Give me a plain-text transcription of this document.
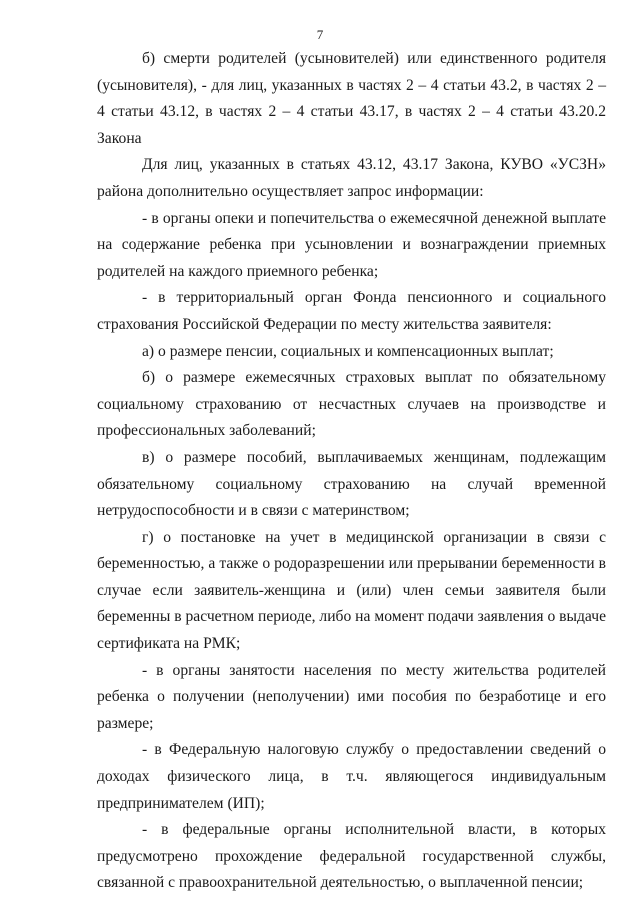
7

б) смерти родителей (усыновителей) или единственного родителя (усыновителя), - для лиц, указанных в частях 2 – 4 статьи 43.2, в частях 2 – 4 статьи 43.12, в частях 2 – 4 статьи 43.17, в частях 2 – 4 статьи 43.20.2 Закона

Для лиц, указанных в статьях 43.12, 43.17 Закона, КУВО «УСЗН» района дополнительно осуществляет запрос информации:

- в органы опеки и попечительства о ежемесячной денежной выплате на содержание ребенка при усыновлении и вознаграждении приемных родителей на каждого приемного ребенка;

- в территориальный орган Фонда пенсионного и социального страхования Российской Федерации по месту жительства заявителя:

а) о размере пенсии, социальных и компенсационных выплат;

б) о размере ежемесячных страховых выплат по обязательному социальному страхованию от несчастных случаев на производстве и профессиональных заболеваний;

в) о размере пособий, выплачиваемых женщинам, подлежащим обязательному социальному страхованию на случай временной нетрудоспособности и в связи с материнством;

г) о постановке на учет в медицинской организации в связи с беременностью, а также о родоразрешении или прерывании беременности в случае если заявитель-женщина и (или) член семьи заявителя были беременны в расчетном периоде, либо на момент подачи заявления о выдаче сертификата на РМК;

- в органы занятости населения по месту жительства родителей ребенка о получении (неполучении) ими пособия по безработице и его размере;

- в Федеральную налоговую службу о предоставлении сведений о доходах физического лица, в т.ч. являющегося индивидуальным предпринимателем (ИП);

- в федеральные органы исполнительной власти, в которых предусмотрено прохождение федеральной государственной службы, связанной с правоохранительной деятельностью, о выплаченной пенсии;
